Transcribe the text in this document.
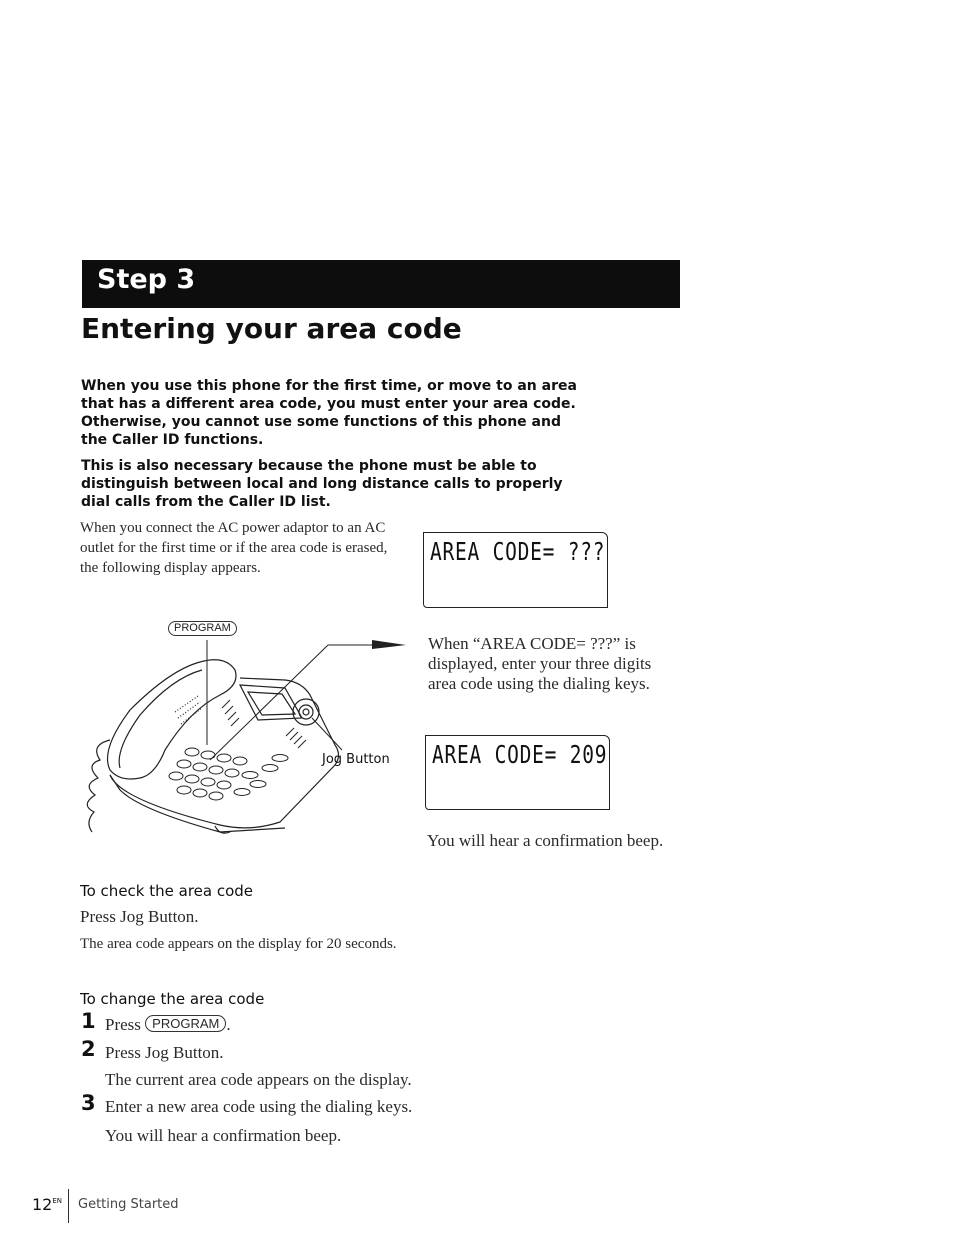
Step 3
Entering your area code
When you use this phone for the first time, or move to an area that has a different area code, you must enter your area code. Otherwise, you cannot use some functions of this phone and the Caller ID functions.
This is also necessary because the phone must be able to distinguish between local and long distance calls to properly dial calls from the Caller ID list.
When you connect the AC power adaptor to an AC outlet for the first time or if the area code is erased, the following display appears.
AREA CODE= ???
PROGRAM
Jog Button
When “AREA CODE= ???” is displayed, enter your three digits area code using the dialing keys.
AREA CODE= 209
You will hear a confirmation beep.
To check the area code
Press Jog Button.
The area code appears on the display for 20 seconds.
To change the area code
1 Press PROGRAM .
2 Press Jog Button.
The current area code appears on the display.
3 Enter a new area code using the dialing keys.
You will hear a confirmation beep.
$12^{EN}$ Getting Started
